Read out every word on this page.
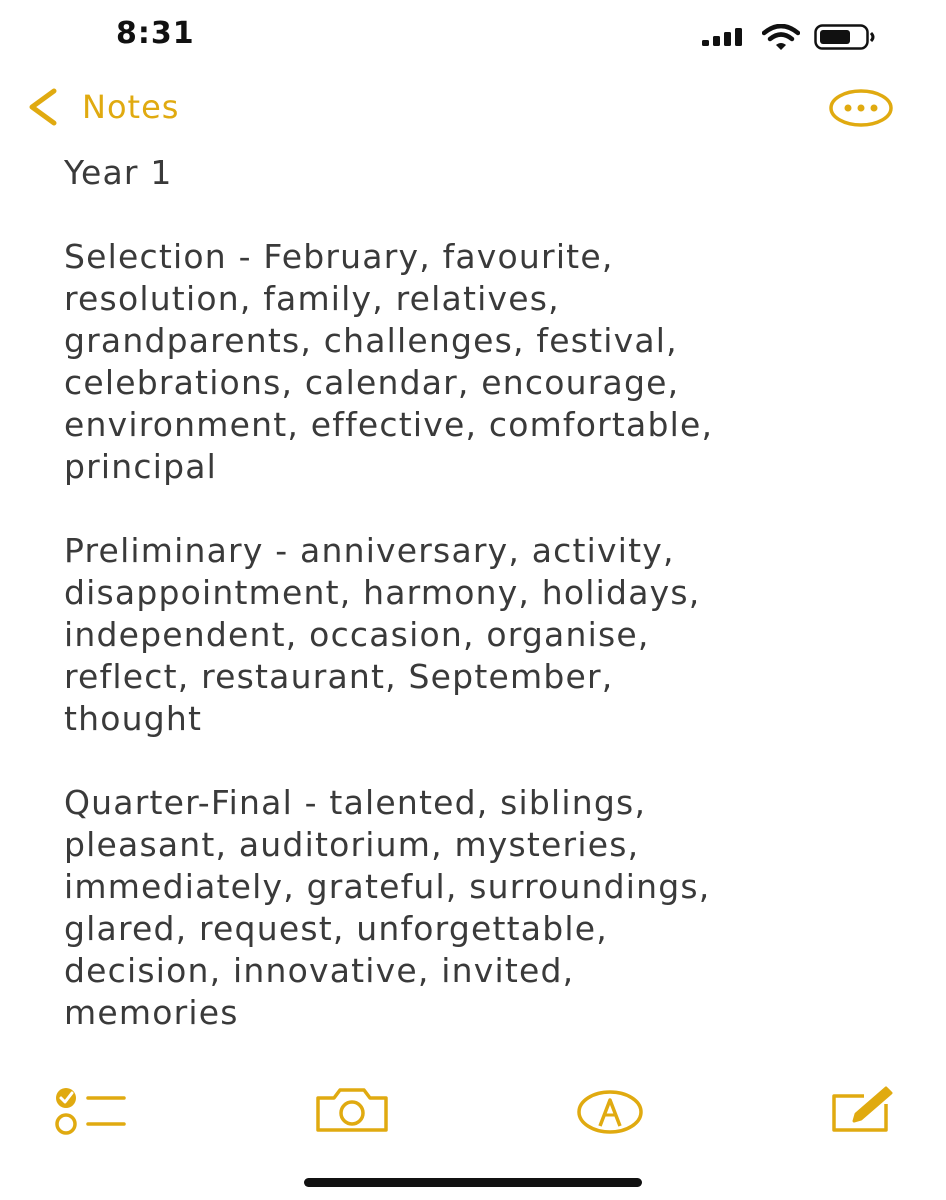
8:31
Notes

Year 1

Selection - February, favourite,
resolution, family, relatives,
grandparents, challenges, festival,
celebrations, calendar, encourage,
environment, effective, comfortable,
principal

Preliminary - anniversary, activity,
disappointment, harmony, holidays,
independent, occasion, organise,
reflect, restaurant, September,
thought

Quarter-Final - talented, siblings,
pleasant, auditorium, mysteries,
immediately, grateful, surroundings,
glared, request, unforgettable,
decision, innovative, invited,
memories
